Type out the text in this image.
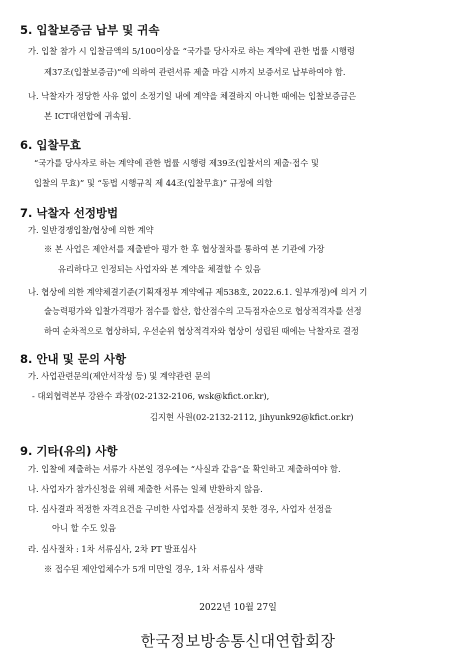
5. 입찰보증금 납부 및 귀속
가. 입찰 참가 시 입찰금액의 5/100이상을 “국가를 당사자로 하는 계약에 관한 법률 시행령
제37조(입찰보증금)”에 의하여 관련서류 제출 마감 시까지 보증서로 납부하여야 함.
나. 낙찰자가 정당한 사유 없이 소정기일 내에 계약을 체결하지 아니한 때에는 입찰보증금은
본 ICT대연합에 귀속됨.
6. 입찰무효
“국가를 당사자로 하는 계약에 관한 법률 시행령 제39조(입찰서의 제출·접수 및
입찰의 무효)” 및 “동법 시행규칙 제 44조(입찰무효)” 규정에 의함
7. 낙찰자 선정방법
가. 일반경쟁입찰/협상에 의한 계약
※ 본 사업은 제안서를 제출받아 평가 한 후 협상절차를 통하여 본 기관에 가장
유리하다고 인정되는 사업자와 본 계약을 체결할 수 있음
나. 협상에 의한 계약체결기준(기획재정부 계약예규 제538호, 2022.6.1. 일부개정)에 의거 기
술능력평가와 입찰가격평가 점수를 합산, 합산점수의 고득점자순으로 협상적격자를 선정
하여 순차적으로 협상하되, 우선순위 협상적격자와 협상이 성립된 때에는 낙찰자로 결정
8. 안내 및 문의 사항
가. 사업관련문의(제안서작성 등) 및 계약관련 문의
- 대외협력본부 강완수 과장(02-2132-2106, wsk@kfict.or.kr),
김지현 사원(02-2132-2112, jihyunk92@kfict.or.kr)
9. 기타(유의) 사항
가. 입찰에 제출하는 서류가 사본일 경우에는 “사실과 같음”을 확인하고 제출하여야 함.
나. 사업자가 참가신청을 위해 제출한 서류는 일체 반환하지 않음.
다. 심사결과 적정한 자격요건을 구비한 사업자를 선정하지 못한 경우, 사업자 선정을
아니 할 수도 있음
라. 심사절차 : 1차 서류심사, 2차 PT 발표심사
※ 접수된 제안업체수가 5개 미만일 경우, 1차 서류심사 생략
2022년 10월 27일
한국정보방송통신대연합회장
